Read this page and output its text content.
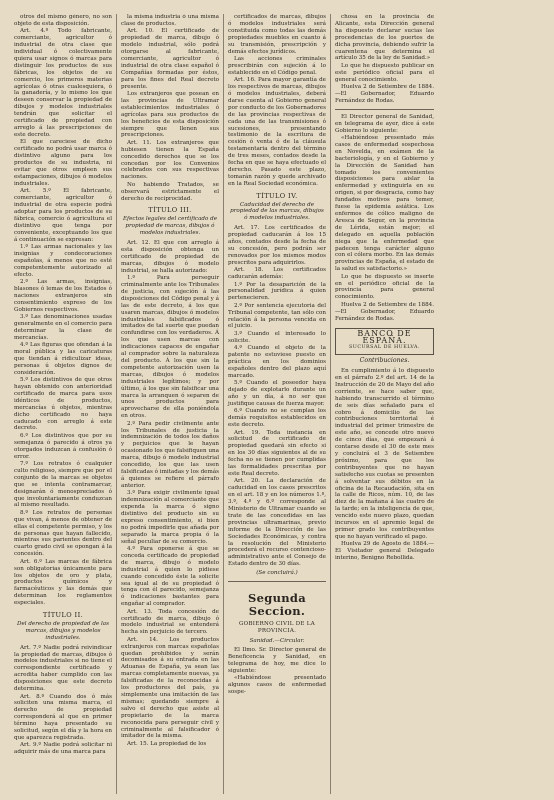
otros del mismo género, no son objeto de esta disposición.

Art. 4.º Todo fabricante, comerciante, agricultor ó industrial de otra clase que individual ó colectivamente quiera usar signos ó marcas para distinguir los productos de sus fábricas, los objetos de su comercio, los primeros materias agrícolas ó otras cualesquiera, ó la ganadería, y lo mismo los que deseen conservar la propiedad de dibujos y modelos industriales tendrán que solicitar el certificado de propiedad con arreglo á las prescripciones de este decreto.

El que careciese de dicho certificado no podrá usar marca ó distintivo alguno para los productos de su industria, ni evitar que otros empleen sus estampaciones, dibujos ó modelos industriales.

Art. 5.º El fabricante, comerciante, agricultor ó industrial de otra especie podrá adoptar para los productos de su fábrica, comercio ó agricultura el distintivo que tenga por conveniente, exceptuando los que á continuación se expresan:

1.º Las armas nacionales y las insignias y condecoraciones españolas, á menos que no esté competentemente autorizado al efecto.

2.º Las armas, insignias, blasones ó lemas de los Estados ó naciones extranjeros sin consentimiento expreso de los Gobiernos respectivos.

3.º Las denominaciones usadas generalmente en el comercio para determinar la clase de mercancías.

4.º Las figuras que ofendan á la moral pública y las caricaturas que tiendan á ridiculizar ideas, personas ú objetos dignos de consideración.

5.º Los distintivos de que otros hayan obtenido con anterioridad certificado de marca para usos idénticos de productos, mercancías ú objetos, mientras dicho certificado no haya caducado con arreglo á este decreto.

6.º Los distintivos que por su semejanza ó parecido á otros ya otorgados induzcan á confusión ó error.

7.º Los retratos ó cualquier culto religioso, siempre que por el conjunto de la marcas se objetos que se intenta contramarcar, designarán ó menospreciados ó que involuntariamente conduzcan al mismo resultado.

8.º Los retratos de personas que vivan, á menos de obtener de ellas el competente permiso, y los de personas que hayan fallecido, mientras sus parientes dentro del cuarto grado civil se opongan á la concesión.

Art. 6.º Las marcas de fábrica son obligatorias únicamente para los objetos de oro y plata, productos químicos y farmacéuticos y las demás que determinan los reglamentos especiales.

TÍTULO II.
Del derecho de propiedad de las marcas, dibujos y modelos industriales.

Art. 7.º Nadie podrá reivindicar la propiedad de marcas, dibujos ó modelos industriales si no tiene el correspondiente certificado y acredita haber cumplido con las disposiciones que este decreto determina.

Art. 8.º Cuando dos ó más soliciten una misma marca, el derecho de propiedad corresponderá al que en primer término haya presentado su solicitud, según el día y la hora en que aparezca registrada.

Art. 9.º Nadie podrá solicitar ni adquirir más de una marca para

la misma industria ó una misma clase de productos.

Art. 10. El certificado de propiedad de marca, dibujo ó modelo industrial, sólo podrá otorgarse al fabricante, comerciante, agricultor ó industrial de otra clase español ó Compañías formadas por éstos, para los fines del Real decreto presente.

Los extranjeros que posean en las provincias de Ultramar establecimientos industriales ó agrícolas para sus productos de los beneficios de esta disposición siempre que llenen sus prescripciones.

Art. 11. Los extranjeros que hubiesen tienen la España concedido derechos que se los concedan por los Convenios celebrados con sus respectivas naciones.

No habiendo Tratados, se observará estrictamente el derecho de reciprocidad.

TÍTULO III.
Efectos legales del certificado de propiedad de marcas, dibujos ó modelos industriales.

Art. 12. El que con arreglo á esta disposición obtenga un certificado de propiedad de marcas, dibujos ó modelo industrial, se halla autorizado:

1.º Para perseguir criminalmente ante los Tribunales de justicia, con sujeción á las disposiciones del Código penal y á las de este decreto, á los que usaren marcas, dibujos ó modelos industriales falsificados ó imitados de tal suerte que puedan confundirse con los verdaderos. Á los que usen marcas con indicaciones capaces de engañar al comprador sobre la naturaleza del producto. Á los que sin la competente autorización usen la marcas, dibujos ó modelos industriales legítimos; y por último, á los que sin falsificar una marca la arranquen ó separen de unos productos para aprovecharse de ella poniéndola en otros.

2.º Para pedir civilmente ante los Tribunales de justicia la indemnización de todos los daños y perjuicios que le hayan ocasionado los que falsifiquen una marca, dibujo ó modelo industrial concedido, los que las usen falsificadas ó imitadas y los demás á quienes se refiere el párrafo anterior.

3.º Para exigir civilmente igual indemnización al comerciante que expenda la marca ó signo distintivo del producto sin su expreso consentimiento, si bien no podrá impedirle que añada por separado la marca propia ó la señal peculiar de su comercio.

4.º Para oponerse á que se conceda certificado de propiedad de marca, dibujo ó modelo industrial á quien lo pidiese cuando concedido éste la solicite sea igual al de su propiedad ó tenga con él parecido, semejanza ó indicaciones bastantes para engañar al comprador.

Art. 13. Toda concesión de certificado de marca, dibujo ó modelo industrial se entenderá hecha sin perjuicio de tercero.

Art. 14. Los productos extranjeros con marcas españolas quedan prohibidos y serán decomisados á su entrada en las Aduanas de España, ya sean las marcas completamente nuevas, ya falsificadas de la reconocidas á los productores del país, ya simplemente una imitación de las mismas; quedando siempre á salvo el derecho que asiste al propietario de la marca reconocida para perseguir civil y criminalmente al falsificador ó imitador de la misma.

Art. 15. La propiedad de los

certificados de marcas, dibujos ó modelos industriales será constituida como todas las demás propiedades muebles en cuanto á su transmisión, prescripción y demás efectos jurídicos.

Las acciones criminales prescribirán con sujeción á lo establecido en el Código penal.

Art. 16. Para mayor garantía de los respectivos de marcas, dibujos ó modelos industriales, deberá darse cuenta al Gobierno general por conducto de los Gobernadores de las provincias respectivas de cada una de las transmisiones ó sucesiones, presentando testimonio de la escritura de cesión ó venta ó de la cláusula testamentaria dentro del término de tres meses, contados desde la fecha en que se haya efectuado el derecho. Pasado este plazo, tomarán razón y quede archivado en la Real Sociedad económica.

TÍTULO IV.
Caducidad del derecho de propiedad de las marcas, dibujos ó modelos industriales.

Art. 17. Los certificados de propiedad caducarán á los 15 años, contados desde la fecha de su concesión, pero podrán ser renovados por los mismos modos prescritos para adquirirlos.

Art. 18. Los certificados caducarán además:

1.º Por la desaparición de la personalidad jurídica á quien pertenecieren.

2.º Por sentencia ejecutoria del Tribunal competente, tan sólo con relación á la persona vencida en el juicio.

3.º Cuando el interesado lo solicite.

4.º Cuando el objeto de la patente no estuviese puesto en práctica en los dominios españoles dentro del plazo aquí marcado.

5.º Cuando el poseedor haya dejado de explotarlo durante un año y un día, á no ser que justifique causas de fuerza mayor.

6.º Cuando no se cumplan los demás requisitos establecidos en este decreto.

Art. 19. Toda instancia en solicitud de certificado de propiedad quedará sin efecto si en los 30 días siguientes al de su fecha no se tienen por cumplidas las formalidades prescritas por este Real decreto.

Art. 20. La declaración de caducidad en los casos prescritos en el art. 18 y en los números 1.º, 3.º, 4.º y 6.º corresponde al Ministerio de Ultramar cuando se trate de las concedidas en las provincias ultramarinas, previo informe de la Dirección de las Sociedades Económicas, y contra la resolución del Ministerio procederá el recurso contencioso-administrativo ante el Consejo de Estado dentro de 30 días.

(Se concluirá.)
Segunda Seccion.
GOBIERNO CIVIL DE LA PROVINCIA.
Sanidad.—Circular.

El Ilmo. Sr. Director general de Beneficencia y Sanidad, en telegrama de hoy, me dice lo siguiente:

«Habiéndose presentado algunos casos de enfermedad sospe-

chosa en la provincia de Alicante, esta Dirección general ha dispuesto declarar sucias las procedencias de los puertos de dicha provincia, debiendo sufrir la cuarentena que determina el artículo 35 de la ley de Sanidad.»

Lo que he dispuesto publicar en este periódico oficial para el general conocimiento.

Huelva 2 de Setiembre de 1884.—El Gobernador, Eduardo Fernández de Rodas.

El Director general de Sanidad, en telegrama de ayer, dice á este Gobierno lo siguiente:

«Habiéndose presentado más casos de enfermedad sospechosa en Novelda, en exámen de la bacteriología, y en el Gobierno y la Dirección de Sanidad han tomado los convenientes disposiciones para aislar la enfermedad y extinguirla en su origen, si por desgracia, como hay fundados motivos para temer, fuese la epidemia asiática. Los enfermos de cólico maligno de Aresca de Segur, en la provincia de Lérida, están mejor; el delegado en aquella población niega que la enfermedad que padecen tenga carácter alguno con el cólera morbo. En las demás provincias de España, el estado de la salud es satisfactorio.»

Lo que he dispuesto se inserte en el periódico oficial de la provincia para general conocimiento.

Huelva 2 de Setiembre de 1884.—El Gobernador, Eduardo Fernández de Rodas.

BANCO DE ESPAÑA.
SUCURSAL DE HUELVA.
Contribuciones.

En cumplimiento á lo dispuesto en el párrafo 2.º del art. 14 de la Instrucción de 20 de Mayo del año corriente, se hace saber que, habiendo transcurrido el término de seis días señalado para el cobro á domicilio de las contribuciones territorial é industrial del primer trimestre de este año, se concede otro nuevo de cinco días, que empezará á contarse desde el 30 de este mes y concluirá el 3 de Setiembre próximo, para que los contribuyentes que no hayan satisfecho sus cuotas se presenten á solventar sus débitos en la oficina de la Recaudación, sita en la calle de Ricos, núm. 10, de las diez de la mañana á las cuatro de la tarde; en la inteligencia de que, vencido este nuevo plazo, quedan incursos en el apremio legal de primer grado los contribuyentes que no hayan verificado el pago.

Huelva 29 de Agosto de 1884.—El Visitador general Delegado interino, Benigno Rebollida.
